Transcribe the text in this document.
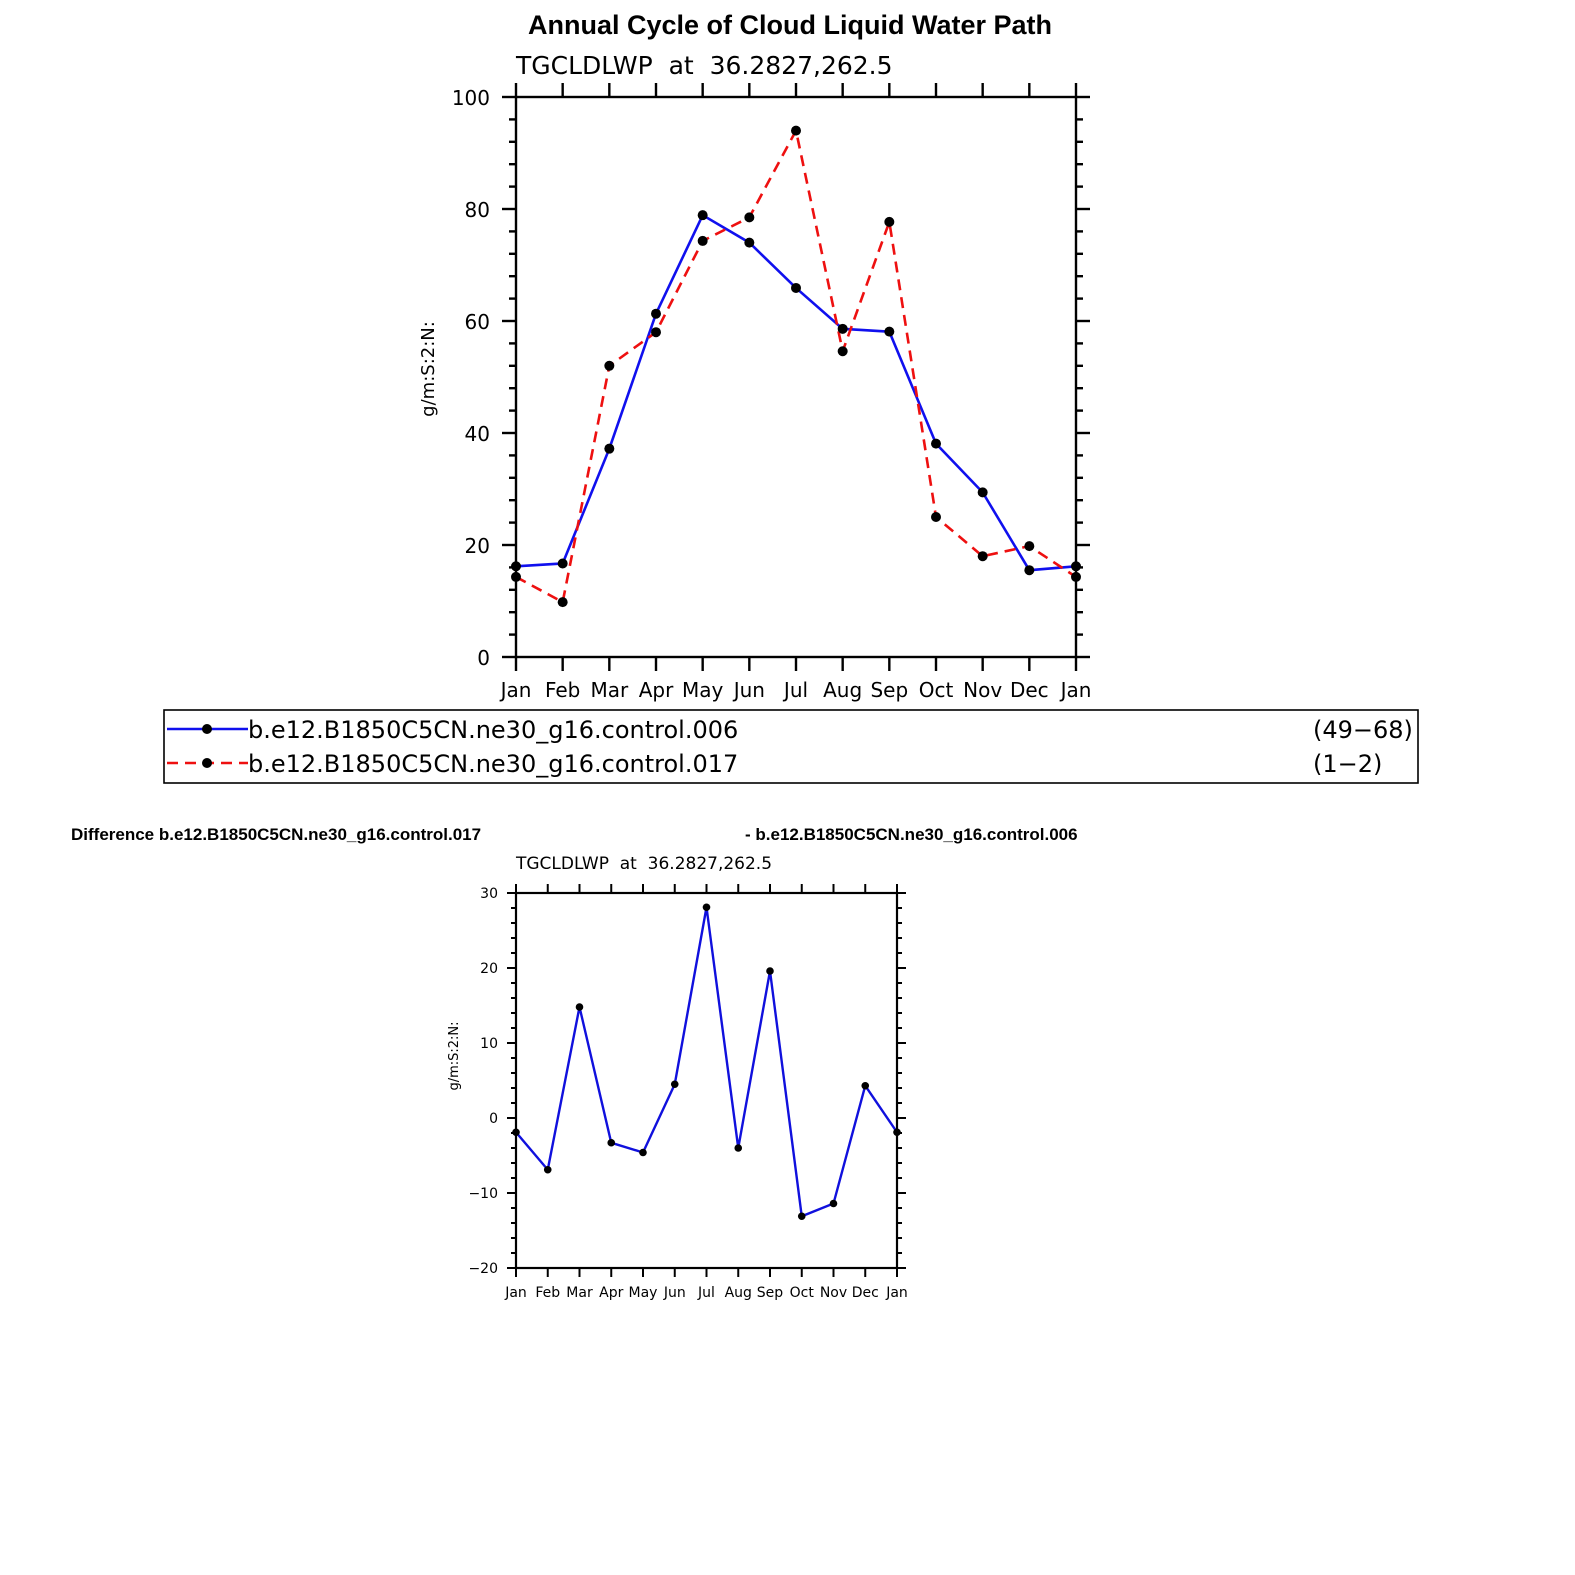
Annual Cycle of Cloud Liquid Water Path
TGCLDLWP  at  36.2827,262.5
Jan Feb Mar Apr May Jun Jul Aug Sep Oct Nov Dec Jan
0
20
40
60
80
100
g/m:S:2:N:
b.e12.B1850C5CN.ne30_g16.control.006	(49−68)
b.e12.B1850C5CN.ne30_g16.control.017	(1−2)
Difference b.e12.B1850C5CN.ne30_g16.control.017	- b.e12.B1850C5CN.ne30_g16.control.006
TGCLDLWP  at  36.2827,262.5
Jan Feb Mar Apr May Jun Jul Aug Sep Oct Nov Dec Jan
−20
−10
0
10
20
30
g/m:S:2:N:
